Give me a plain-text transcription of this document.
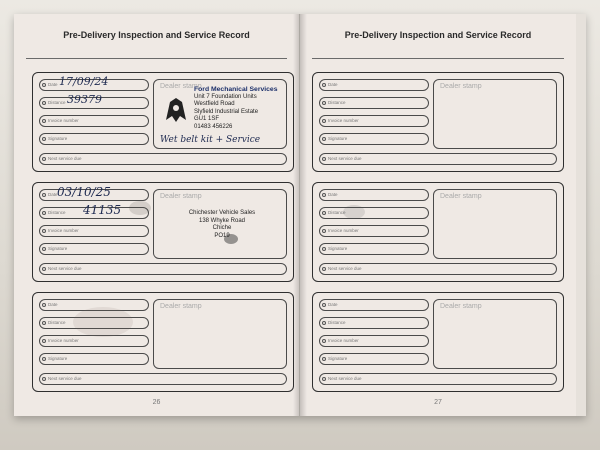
Pre-Delivery Inspection and Service Record
Date
Distance
Invoice number
Signature
Next service due
Dealer stamp
Ford Mechanical Services
Unit 7 Foundation Units
Westfield Road
Slyfield Industrial Estate
GU1 1SF
01483 456226
Wet belt kit + Service
17/09/24
39379
Date
Distance
Invoice number
Signature
Next service due
Dealer stamp
Chichester Vehicle Sales
138 Whyke Road
Chiche
PO19
03/10/25
41135
Date
Distance
Invoice number
Signature
Next service due
Dealer stamp
26
Pre-Delivery Inspection and Service Record
Date
Distance
Invoice number
Signature
Next service due
Dealer stamp
Date
Distance
Invoice number
Signature
Next service due
Dealer stamp
Date
Distance
Invoice number
Signature
Next service due
Dealer stamp
27
